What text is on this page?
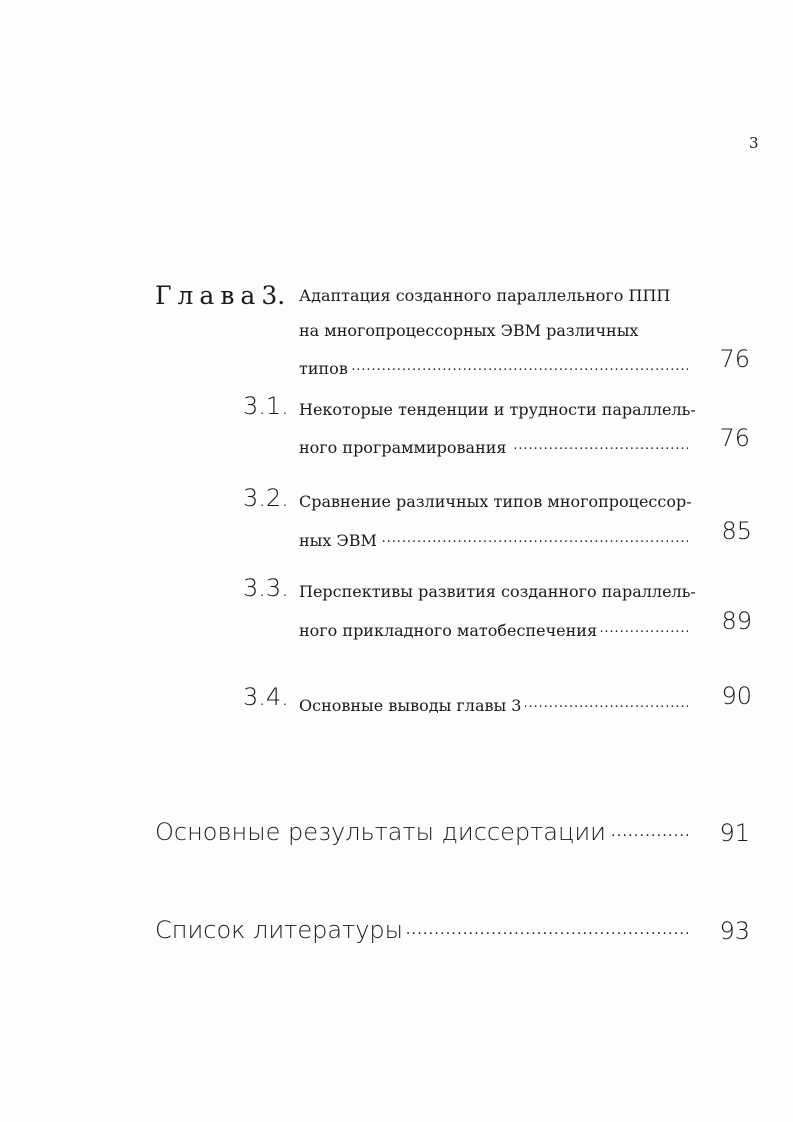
3
Глава3. Адаптация созданного параллельного ППП
на многопроцессорных ЭВМ различных
типов . . .	76
3.1. Некоторые тенденции и трудности параллель-
ного программирования . . .	76
3.2. Сравнение различных типов многопроцессор-
ных ЭВМ . . .	85
3.3. Перспективы развития созданного параллель-
ного прикладного матобеспечения . . .	89
3.4. Основные выводы главы 3 . . .	90
Основные результаты диссертации . . .	91
Список литературы . . .	93
